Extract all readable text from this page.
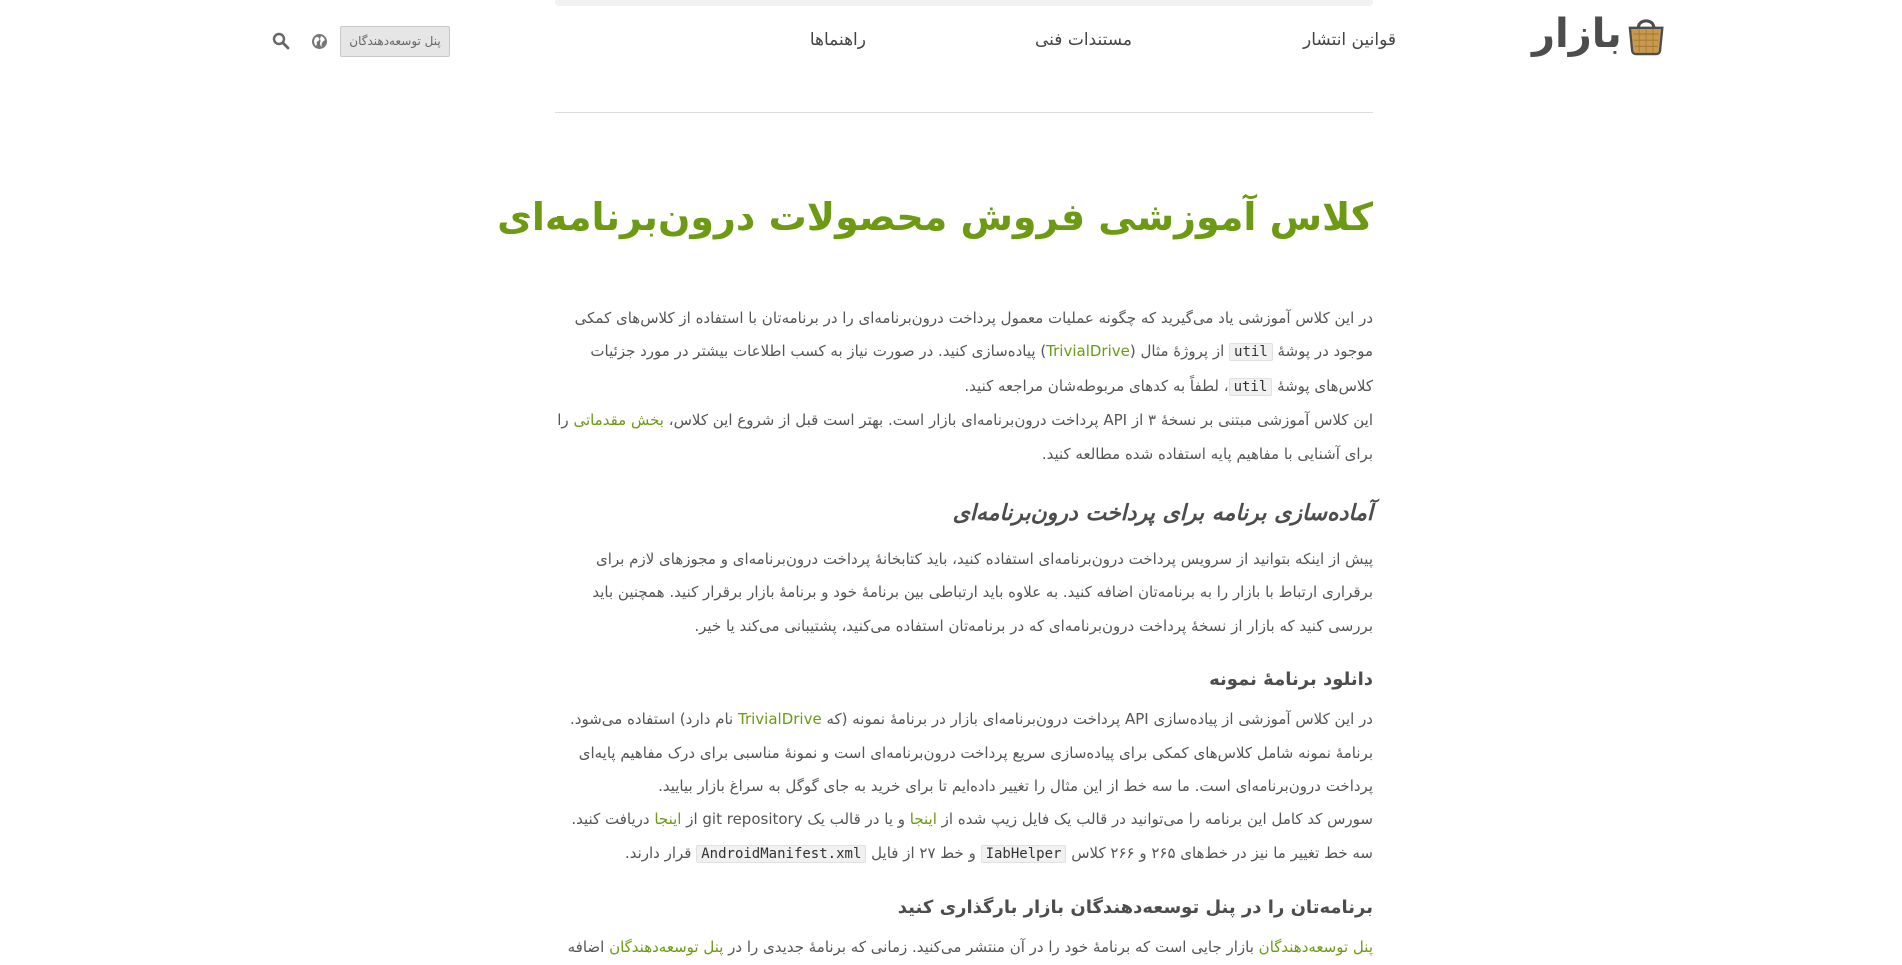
بازار
قوانین انتشار
مستندات فنی
راهنماها
پنل توسعه‌دهندگان
کلاس آموزشی فروش محصولات درون‌برنامه‌ای

در این کلاس آموزشی یاد می‌گیرید که چگونه عملیات معمول پرداخت درون‌برنامه‌ای را در برنامه‌تان با استفاده از کلاس‌های کمکی موجود در پوشهٔ util از پروژهٔ مثال (TrivialDrive) پیاده‌سازی کنید. در صورت نیاز به کسب اطلاعات بیشتر در مورد جزئیات کلاس‌های پوشهٔ util، لطفاً به کدهای مربوطه‌شان مراجعه کنید.

این کلاس آموزشی مبتنی بر نسخهٔ ۳ از API پرداخت درون‌برنامه‌ای بازار است. بهتر است قبل از شروع این کلاس، بخش مقدماتی را برای آشنایی با مفاهیم پایه استفاده شده مطالعه کنید.

آماده‌سازی برنامه برای پرداخت درون‌برنامه‌ای

پیش از اینکه بتوانید از سرویس پرداخت درون‌برنامه‌ای استفاده کنید، باید کتابخانهٔ پرداخت درون‌برنامه‌ای و مجوزهای لازم برای برقراری ارتباط با بازار را به برنامه‌تان اضافه کنید. به علاوه باید ارتباطی بین برنامهٔ خود و برنامهٔ بازار برقرار کنید. همچنین باید بررسی کنید که بازار از نسخهٔ پرداخت درون‌برنامه‌ای که در برنامه‌تان استفاده می‌کنید، پشتیبانی می‌کند یا خیر.

دانلود برنامهٔ نمونه

در این کلاس آموزشی از پیاده‌سازی API پرداخت درون‌برنامه‌ای بازار در برنامهٔ نمونه (که TrivialDrive نام دارد) استفاده می‌شود.

برنامهٔ نمونه شامل کلاس‌های کمکی برای پیاده‌سازی سریع پرداخت درون‌برنامه‌ای است و نمونهٔ مناسبی برای درک مفاهیم پایه‌ای پرداخت درون‌برنامه‌ای است. ما سه خط از این مثال را تغییر داده‌ایم تا برای خرید به جای گوگل به سراغ بازار بیایید.

سورس کد کامل این برنامه را می‌توانید در قالب یک فایل زیپ شده از اینجا و یا در قالب یک git repository از اینجا دریافت کنید.

سه خط تغییر ما نیز در خط‌های ۲۶۵ و ۲۶۶ کلاس IabHelper و خط ۲۷ از فایل AndroidManifest.xml قرار دارند.

برنامه‌تان را در پنل توسعه‌دهندگان بازار بارگذاری کنید

پنل توسعه‌دهندگان بازار جایی است که برنامهٔ خود را در آن منتشر می‌کنید. زمانی که برنامهٔ جدیدی را در پنل توسعه‌دهندگان اضافه
